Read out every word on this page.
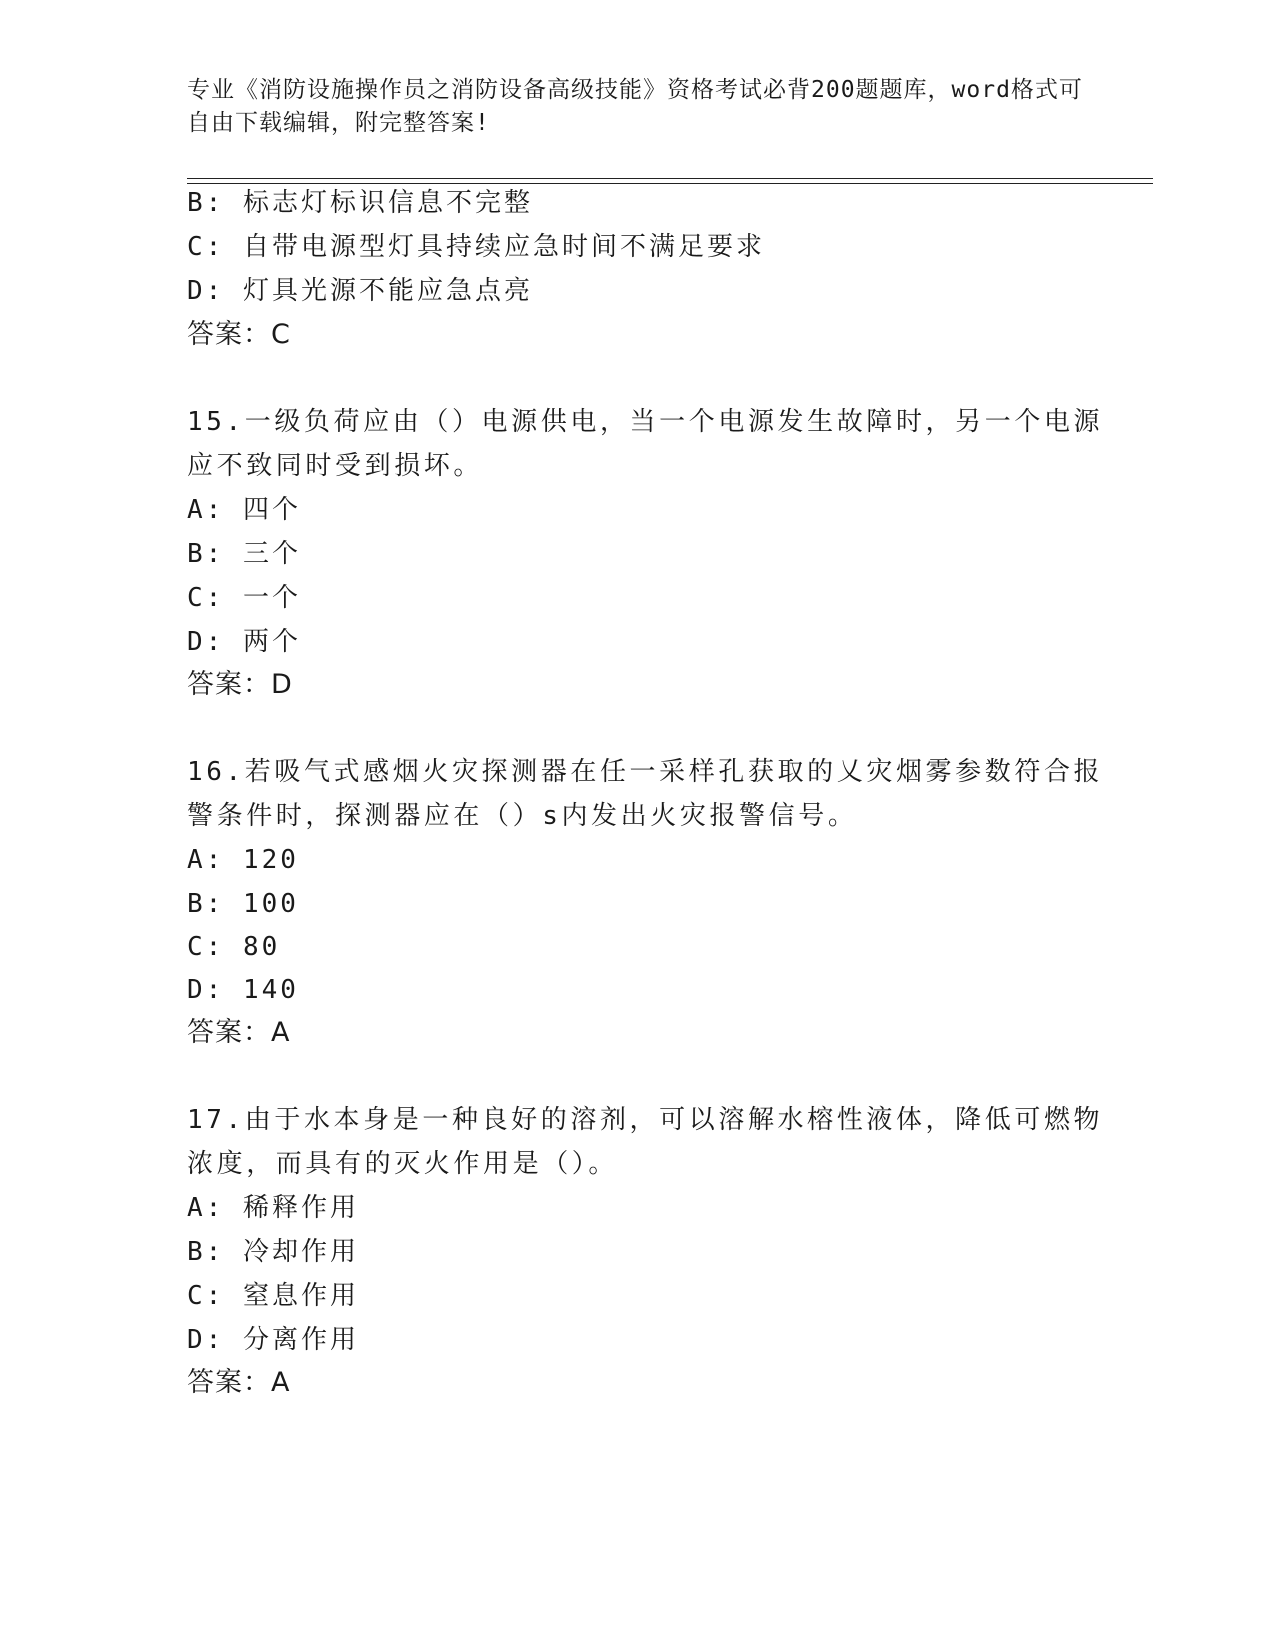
专业《消防设施操作员之消防设备高级技能》资格考试必背200题题库，word格式可自由下载编辑，附完整答案!
B: 标志灯标识信息不完整
C: 自带电源型灯具持续应急时间不满足要求
D: 灯具光源不能应急点亮
答案：C
15.一级负荷应由（）电源供电，当一个电源发生故障时，另一个电源
应不致同时受到损坏。
A: 四个
B: 三个
C: 一个
D: 两个
答案：D
16.若吸气式感烟火灾探测器在任一采样孔获取的乂灾烟雾参数符合报
警条件时，探测器应在（）s内发出火灾报警信号。
A: 120
B: 100
C: 80
D: 140
答案：A
17.由于水本身是一种良好的溶剂，可以溶解水榕性液体，降低可燃物
浓度，而具有的灭火作用是（）。
A: 稀释作用
B: 冷却作用
C: 窒息作用
D: 分离作用
答案：A
